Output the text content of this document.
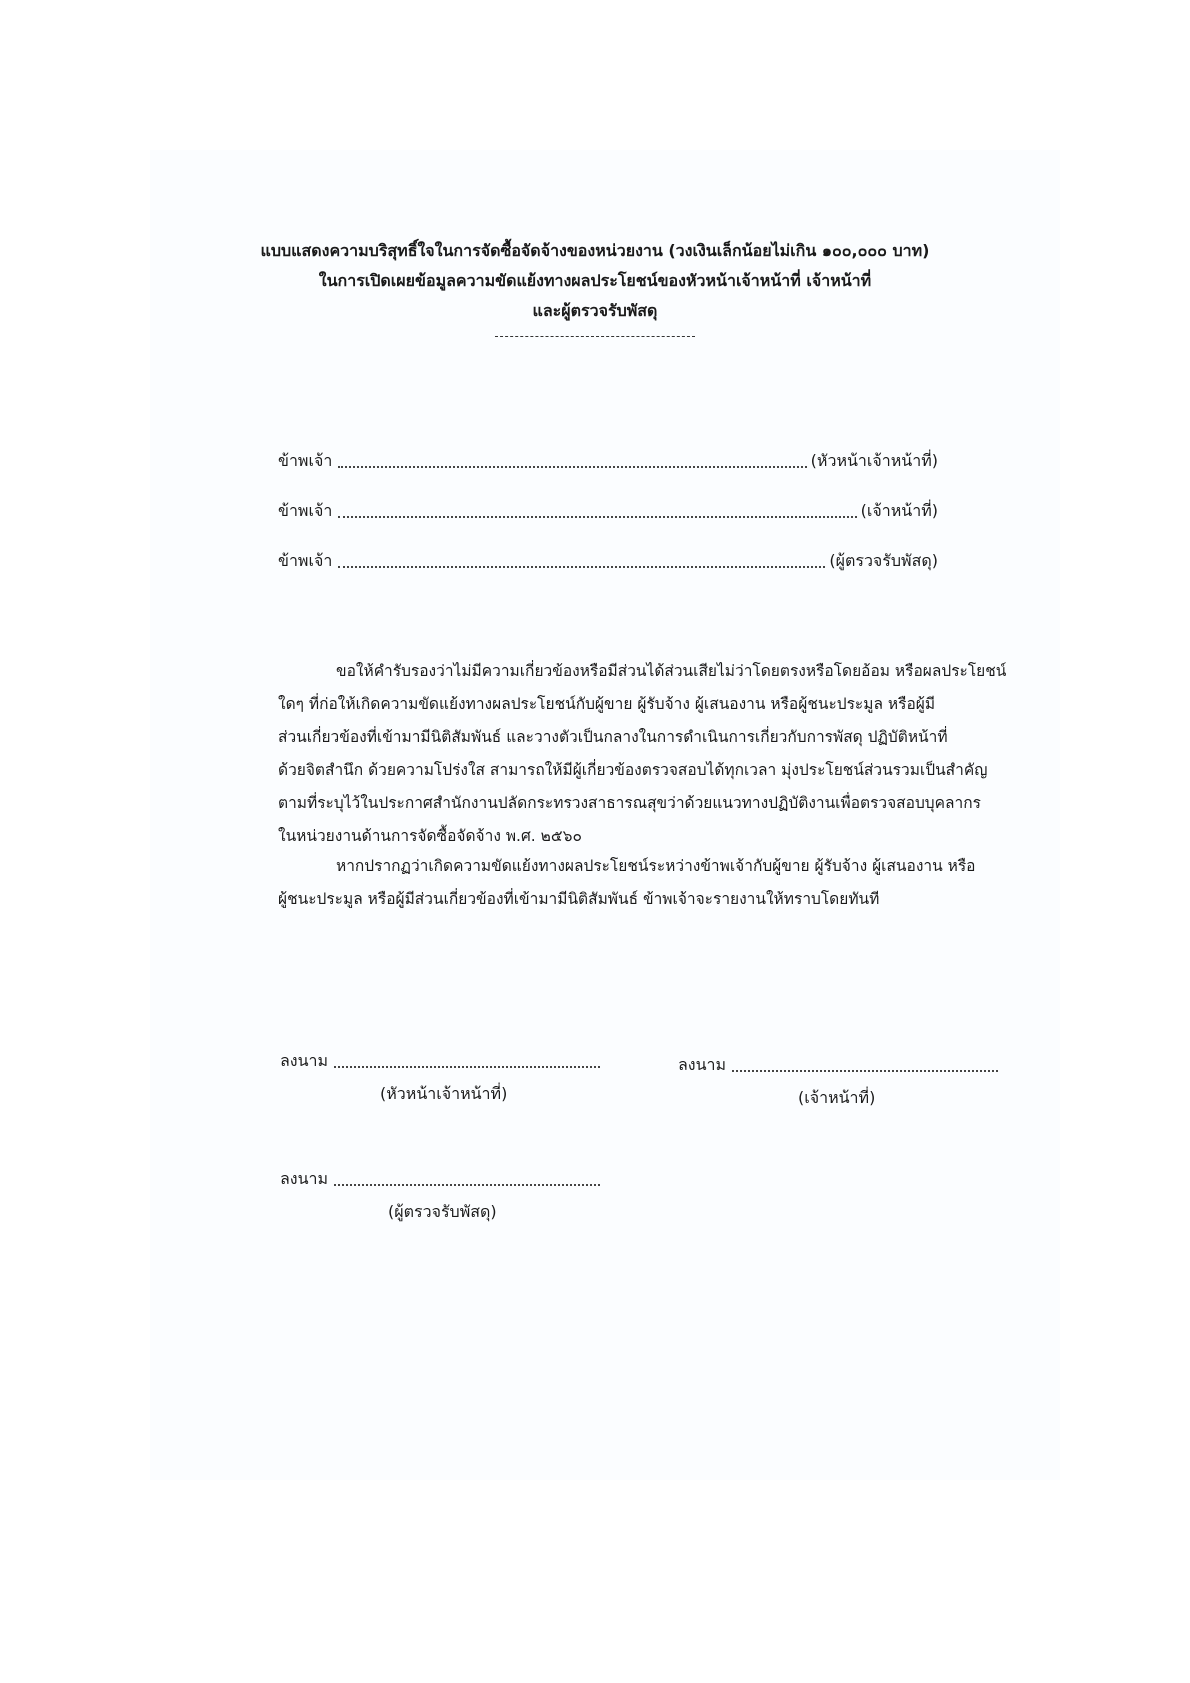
แบบแสดงความบริสุทธิ์ใจในการจัดซื้อจัดจ้างของหน่วยงาน (วงเงินเล็กน้อยไม่เกิน ๑๐๐,๐๐๐ บาท)
ในการเปิดเผยข้อมูลความขัดแย้งทางผลประโยชน์ของหัวหน้าเจ้าหน้าที่ เจ้าหน้าที่
และผู้ตรวจรับพัสดุ
ข้าพเจ้า	(หัวหน้าเจ้าหน้าที่)
ข้าพเจ้า	(เจ้าหน้าที่)
ข้าพเจ้า	(ผู้ตรวจรับพัสดุ)
ขอให้คำรับรองว่าไม่มีความเกี่ยวข้องหรือมีส่วนได้ส่วนเสียไม่ว่าโดยตรงหรือโดยอ้อม หรือผลประโยชน์
ใดๆ ที่ก่อให้เกิดความขัดแย้งทางผลประโยชน์กับผู้ขาย ผู้รับจ้าง ผู้เสนองาน หรือผู้ชนะประมูล หรือผู้มี
ส่วนเกี่ยวข้องที่เข้ามามีนิติสัมพันธ์ และวางตัวเป็นกลางในการดำเนินการเกี่ยวกับการพัสดุ ปฏิบัติหน้าที่
ด้วยจิตสำนึก ด้วยความโปร่งใส สามารถให้มีผู้เกี่ยวข้องตรวจสอบได้ทุกเวลา มุ่งประโยชน์ส่วนรวมเป็นสำคัญ
ตามที่ระบุไว้ในประกาศสำนักงานปลัดกระทรวงสาธารณสุขว่าด้วยแนวทางปฏิบัติงานเพื่อตรวจสอบบุคลากร
ในหน่วยงานด้านการจัดซื้อจัดจ้าง พ.ศ. ๒๕๖๐
หากปรากฏว่าเกิดความขัดแย้งทางผลประโยชน์ระหว่างข้าพเจ้ากับผู้ขาย ผู้รับจ้าง ผู้เสนองาน หรือ
ผู้ชนะประมูล หรือผู้มีส่วนเกี่ยวข้องที่เข้ามามีนิติสัมพันธ์ ข้าพเจ้าจะรายงานให้ทราบโดยทันที
ลงนาม
(หัวหน้าเจ้าหน้าที่)
ลงนาม
(เจ้าหน้าที่)
ลงนาม
(ผู้ตรวจรับพัสดุ)
